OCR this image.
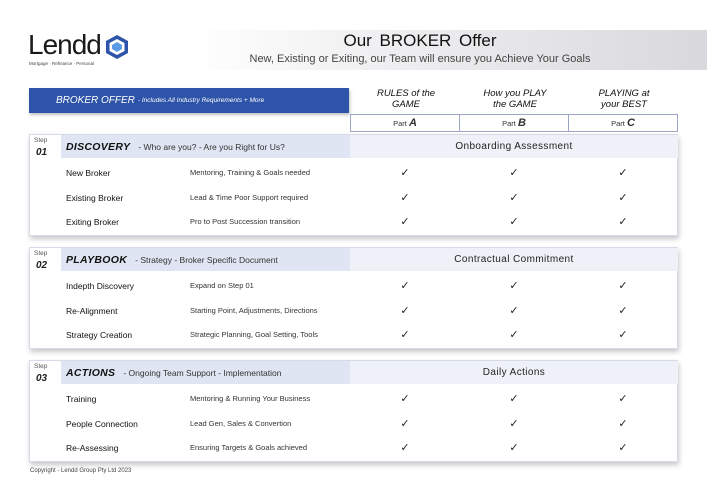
Lendd
Mortgage · Refinance · Personal
Our BROKER Offer
New, Existing or Exiting, our Team will ensure you Achieve Your Goals
BROKER OFFER - Includes All Industry Requirements + More
RULES of the
GAME
How you PLAY
the GAME
PLAYING at
your BEST
Part A	Part B	Part C
Step
01 DISCOVERY - Who are you? - Are you Right for Us?	Onboarding Assessment
New Broker	Mentoring, Training & Goals needed	✓	✓	✓
Existing Broker	Lead & Time Poor Support required	✓	✓	✓
Exiting Broker	Pro to Post Succession transition	✓	✓	✓
Step
02 PLAYBOOK - Strategy - Broker Specific Document	Contractual Commitment
Indepth Discovery	Expand on Step 01	✓	✓	✓
Re-Alignment	Starting Point, Adjustments, Directions	✓	✓	✓
Strategy Creation	Strategic Planning, Goal Setting, Tools	✓	✓	✓
Step
03 ACTIONS - Ongoing Team Support - Implementation	Daily Actions
Training	Mentoring & Running Your Business	✓	✓	✓
People Connection	Lead Gen, Sales & Convertion	✓	✓	✓
Re-Assessing	Ensuring Targets & Goals achieved	✓	✓	✓
Copyright - Lendd Group Pty Ltd 2023
